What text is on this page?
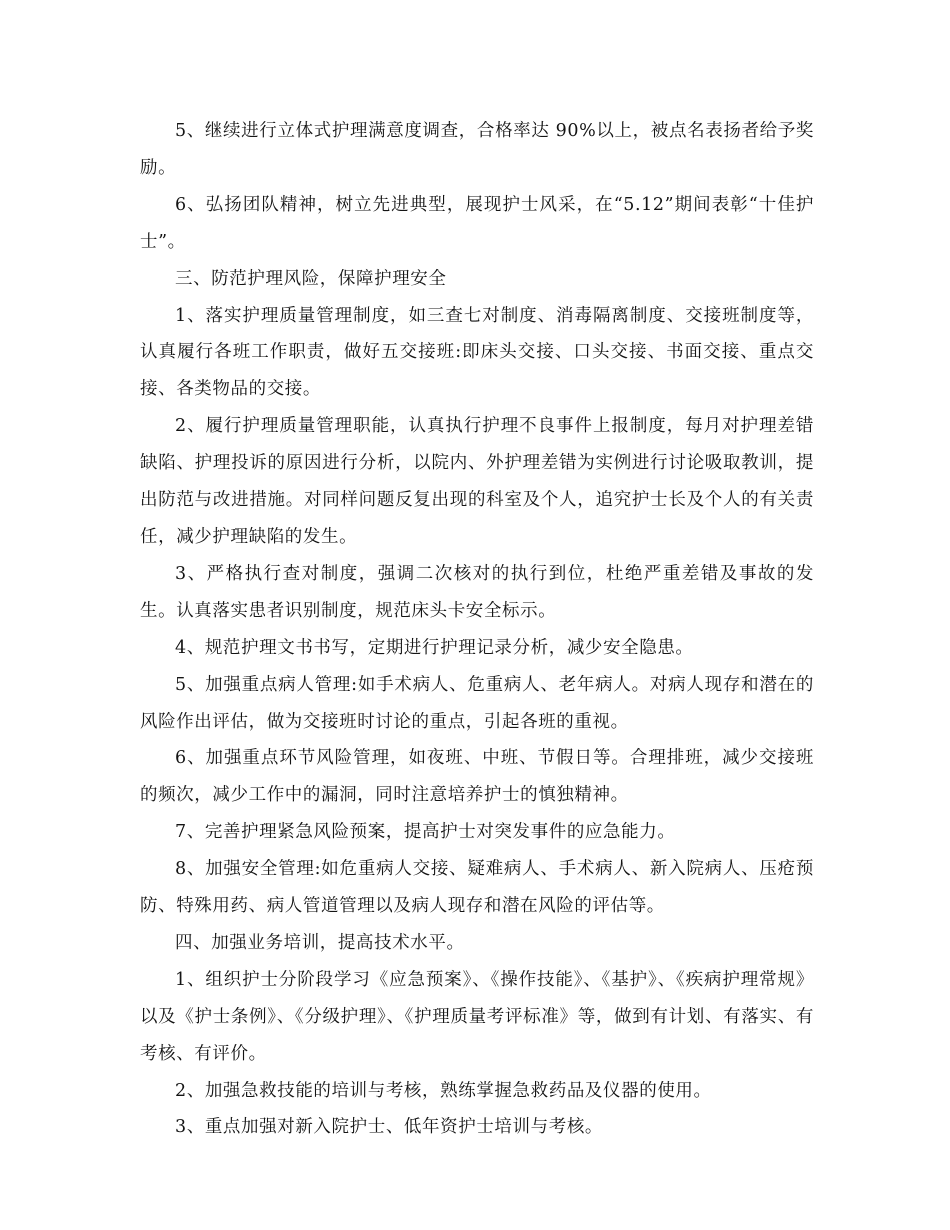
5、继续进行立体式护理满意度调查，合格率达 90%以上，被点名表扬者给予奖励。

6、弘扬团队精神，树立先进典型，展现护士风采，在“5.12”期间表彰“十佳护士”。

三、防范护理风险，保障护理安全

1、落实护理质量管理制度，如三查七对制度、消毒隔离制度、交接班制度等，认真履行各班工作职责，做好五交接班:即床头交接、口头交接、书面交接、重点交接、各类物品的交接。

2、履行护理质量管理职能，认真执行护理不良事件上报制度，每月对护理差错缺陷、护理投诉的原因进行分析，以院内、外护理差错为实例进行讨论吸取教训，提出防范与改进措施。对同样问题反复出现的科室及个人，追究护士长及个人的有关责任，减少护理缺陷的发生。

3、严格执行查对制度，强调二次核对的执行到位，杜绝严重差错及事故的发生。认真落实患者识别制度，规范床头卡安全标示。

4、规范护理文书书写，定期进行护理记录分析，减少安全隐患。

5、加强重点病人管理:如手术病人、危重病人、老年病人。对病人现存和潜在的风险作出评估，做为交接班时讨论的重点，引起各班的重视。

6、加强重点环节风险管理，如夜班、中班、节假日等。合理排班，减少交接班的频次，减少工作中的漏洞，同时注意培养护士的慎独精神。

7、完善护理紧急风险预案，提高护士对突发事件的应急能力。

8、加强安全管理:如危重病人交接、疑难病人、手术病人、新入院病人、压疮预防、特殊用药、病人管道管理以及病人现存和潜在风险的评估等。

四、加强业务培训，提高技术水平。

1、组织护士分阶段学习《应急预案》、《操作技能》、《基护》、《疾病护理常规》以及《护士条例》、《分级护理》、《护理质量考评标准》等，做到有计划、有落实、有考核、有评价。

2、加强急救技能的培训与考核，熟练掌握急救药品及仪器的使用。

3、重点加强对新入院护士、低年资护士培训与考核。
